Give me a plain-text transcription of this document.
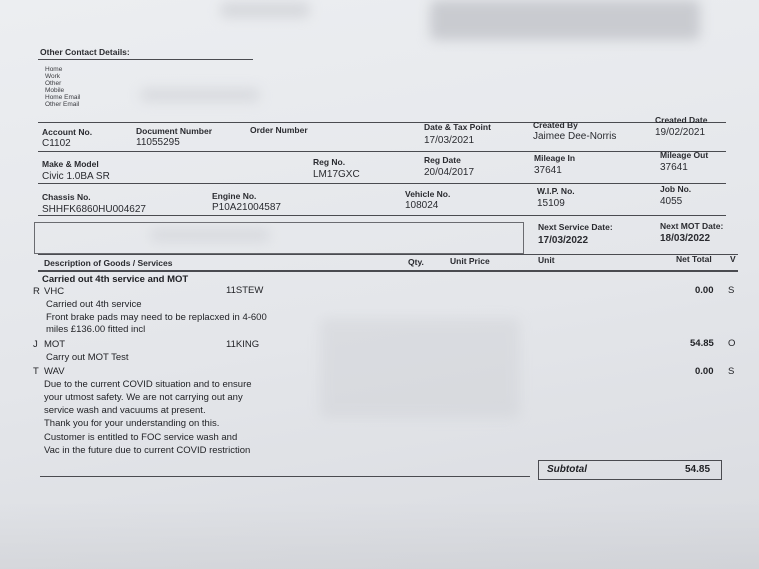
Other Contact Details:
Home
Work
Other
Mobile
Home Email
Other Email
Account No.
C1102
Document Number
11055295
Order Number	Date & Tax Point
17/03/2021
Created By
Jaimee Dee-Norris
Created Date
19/02/2021
Make & Model
Civic 1.0BA SR
Reg No.
LM17GXC
Reg Date
20/04/2017
Mileage In
37641
Mileage Out
37641
Chassis No.
SHHFK6860HU004627
Engine No.
P10A21004587
Vehicle No.
108024
W.I.P. No.
15109
Job No.
4055
Next Service Date:
17/03/2022
Next MOT Date:
18/03/2022
Description of Goods / Services	Qty.	Unit Price	Unit	Net Total V
Carried out 4th service and MOT
R VHC	11STEW	0.00 S
Carried out 4th service
Front brake pads may need to be replacxed in 4-600
miles £136.00 fitted incl
J MOT	11KING	54.85 O
Carry out MOT Test
T WAV	0.00 S
Due to the current COVID situation and to ensure
your utmost safety. We are not carrying out any
service wash and vacuums at present.
Thank you for your understanding on this.
Customer is entitled to FOC service wash and
Vac in the future due to current COVID restriction
Subtotal	54.85
